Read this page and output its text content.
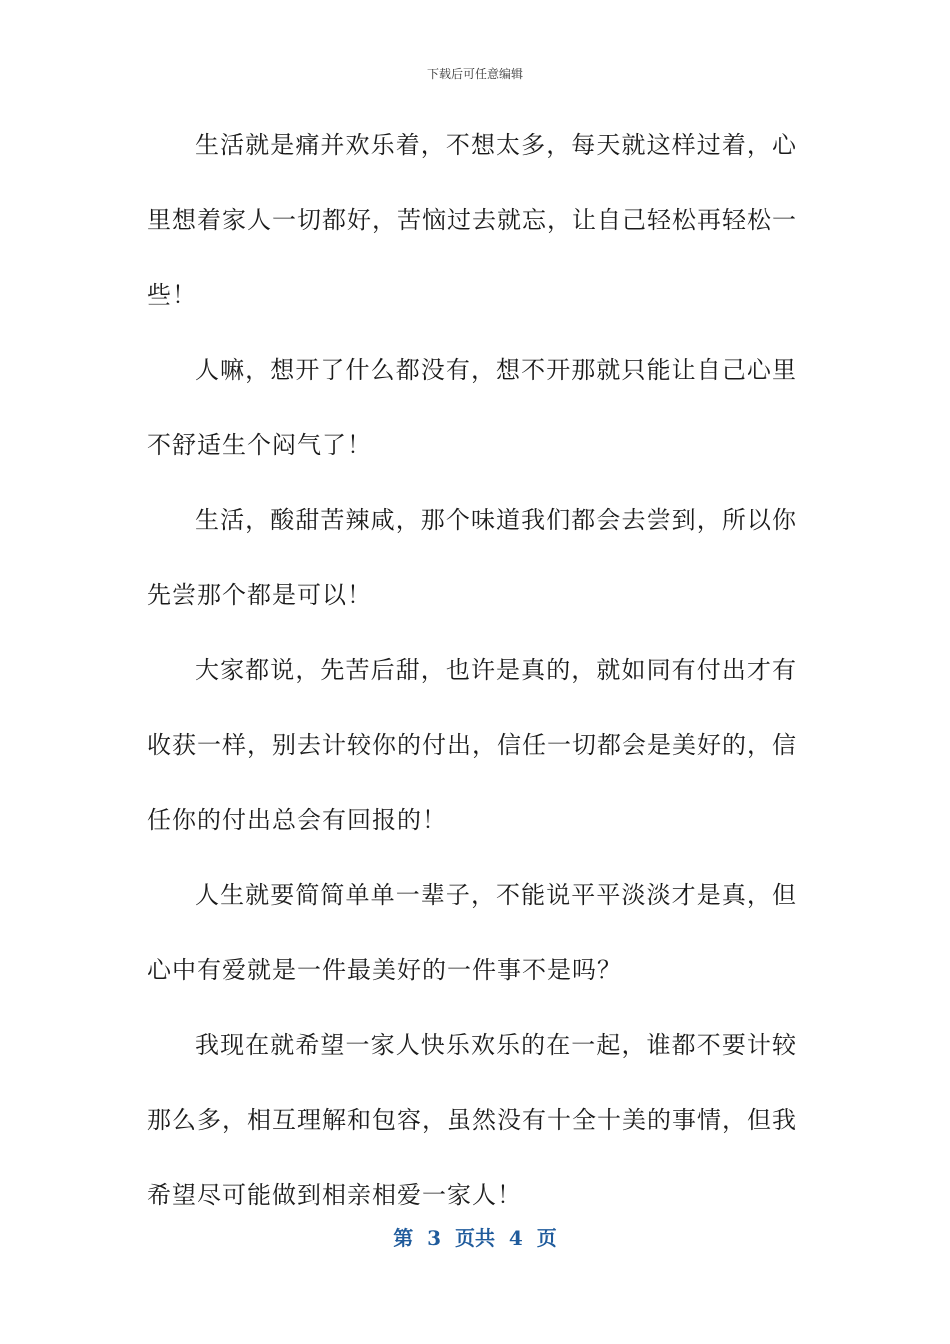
下载后可任意编辑

生活就是痛并欢乐着，不想太多，每天就这样过着，心里想着家人一切都好，苦恼过去就忘，让自己轻松再轻松一些！

人嘛，想开了什么都没有，想不开那就只能让自己心里不舒适生个闷气了！

生活，酸甜苦辣咸，那个味道我们都会去尝到，所以你先尝那个都是可以！

大家都说，先苦后甜，也许是真的，就如同有付出才有收获一样，别去计较你的付出，信任一切都会是美好的，信任你的付出总会有回报的！

人生就要简简单单一辈子，不能说平平淡淡才是真，但心中有爱就是一件最美好的一件事不是吗？

我现在就希望一家人快乐欢乐的在一起，谁都不要计较那么多，相互理解和包容，虽然没有十全十美的事情，但我希望尽可能做到相亲相爱一家人！

第  3  页共  4  页
